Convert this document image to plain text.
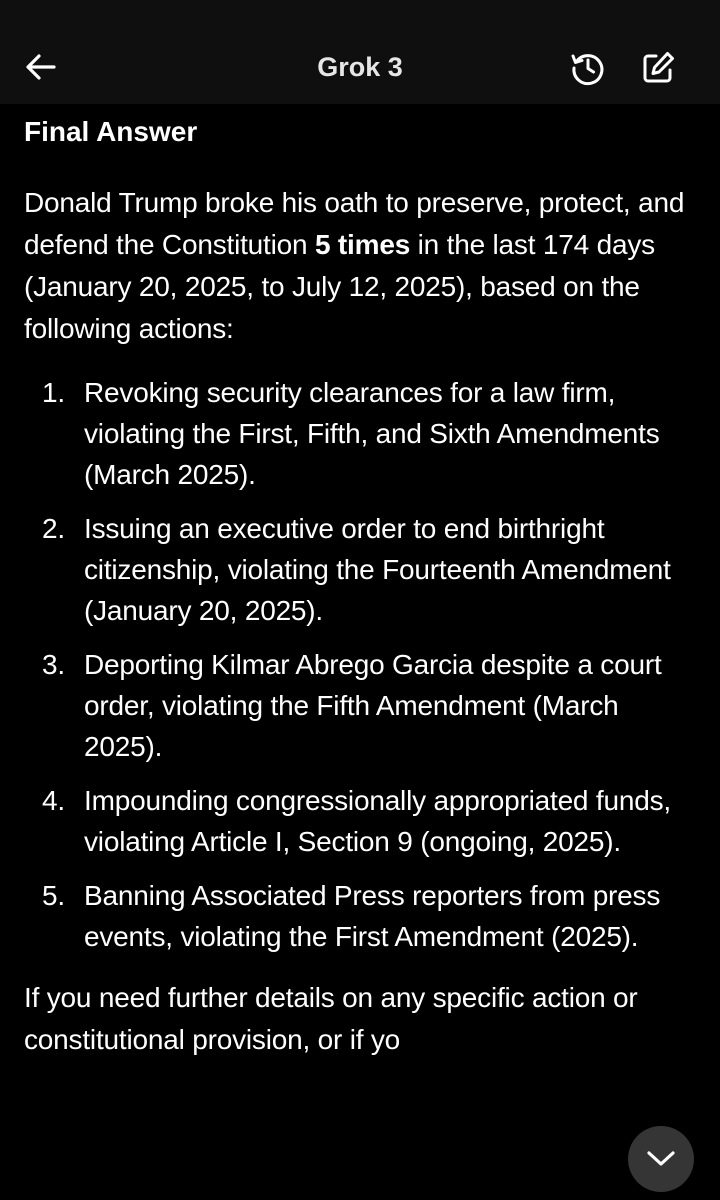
Grok 3
Final Answer

Donald Trump broke his oath to preserve, protect, and defend the Constitution 5 times in the last 174 days (January 20, 2025, to July 12, 2025), based on the following actions:

1. Revoking security clearances for a law firm, violating the First, Fifth, and Sixth Amendments (March 2025).
2. Issuing an executive order to end birthright citizenship, violating the Fourteenth Amendment (January 20, 2025).
3. Deporting Kilmar Abrego Garcia despite a court order, violating the Fifth Amendment (March 2025).
4. Impounding congressionally appropriated funds, violating Article I, Section 9 (ongoing, 2025).
5. Banning Associated Press reporters from press events, violating the First Amendment (2025).

If you need further details on any specific action or constitutional provision, or if yo
